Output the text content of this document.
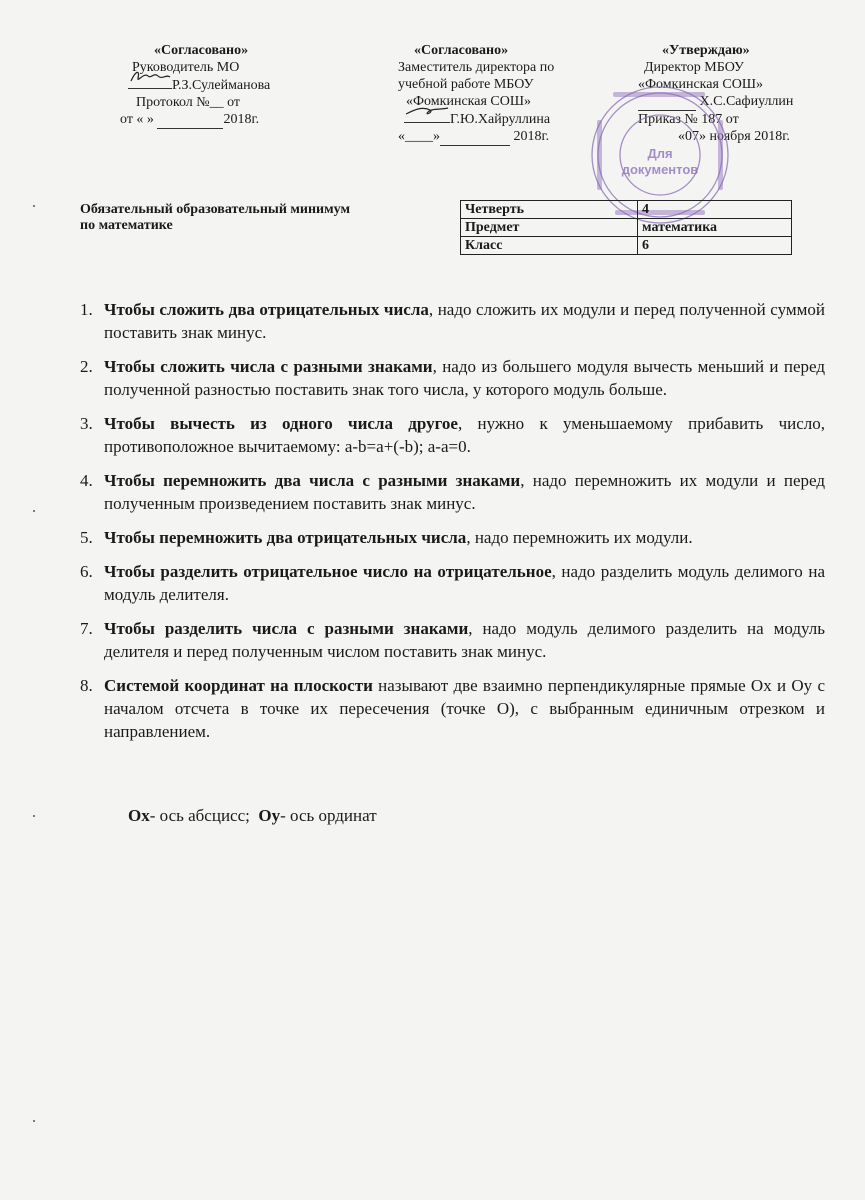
«Согласовано»
Руководитель МО
Р.З.Сулейманова
Протокол №__ от
от « »	2018г.
«Согласовано»
Заместитель директора по
учебной работе МБОУ
«Фомкинская СОШ»
Г.Ю.Хайруллина
«____»	2018г.
«Утверждаю»
Директор МБОУ
«Фомкинская СОШ»
Х.С.Сафиуллин
Приказ № 187 от
«07» ноября 2018г.
Для
документов
Обязательный образовательный минимум
по математике
Четверть	4
Предмет	математика
Класс	6
1. Чтобы сложить два отрицательных числа, надо сложить их модули и перед полученной суммой поставить знак минус.
2. Чтобы сложить числа с разными знаками, надо из большего модуля вычесть меньший и перед полученной разностью поставить знак того числа, у которого модуль больше.
3. Чтобы вычесть из одного числа другое, нужно к уменьшаемому прибавить число, противоположное вычитаемому: a-b=a+(-b); a-a=0.
4. Чтобы перемножить два числа с разными знаками, надо перемножить их модули и перед полученным произведением поставить знак минус.
5. Чтобы перемножить два отрицательных числа, надо перемножить их модули.
6. Чтобы разделить отрицательное число на отрицательное, надо разделить модуль делимого на модуль делителя.
7. Чтобы разделить числа с разными знаками, надо модуль делимого разделить на модуль делителя и перед полученным числом поставить знак минус.
8. Системой координат на плоскости называют две взаимно перпендикулярные прямые Ох и Оу с началом отсчета в точке их пересечения (точке О), с выбранным единичным отрезком и направлением.
Ох- ось абсцисс; Оу- ось ординат
